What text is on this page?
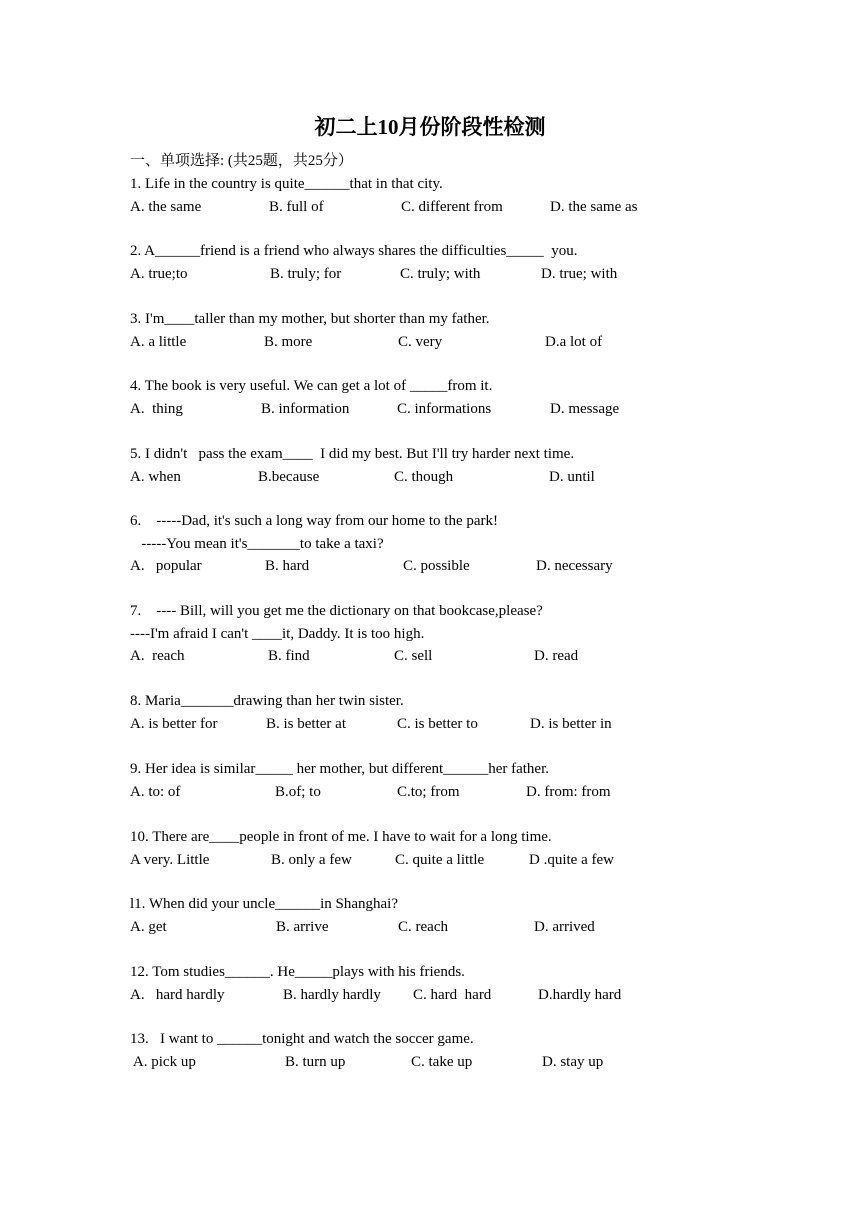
初二上10月份阶段性检测
一、单项选择: (共25题，共25分）
1. Life in the country is quite______that in that city.
A. the same	B. full of	C. different from	D. the same as
2. A______friend is a friend who always shares the difficulties_____  you.
A. true;to	B. truly; for	C. truly; with	D. true; with
3. I'm____taller than my mother, but shorter than my father.
A. a little	B. more	C. very	D.a lot of
4. The book is very useful. We can get a lot of _____from it.
A.  thing	B. information	C. informations	D. message
5. I didn't   pass the exam____  I did my best. But I'll try harder next time.
A. when	B.because	C. though	D. until
6.    -----Dad, it's such a long way from our home to the park!
-----You mean it's_______to take a taxi?
A.   popular	B. hard	C. possible	D. necessary
7.    ---- Bill, will you get me the dictionary on that bookcase,please?
----I'm afraid I can't ____it, Daddy. It is too high.
A.  reach	B. find	C. sell	D. read
8. Maria_______drawing than her twin sister.
A. is better for	B. is better at	C. is better to	D. is better in
9. Her idea is similar_____ her mother, but different______her father.
A. to: of	B.of; to	C.to; from	D. from: from
10. There are____people in front of me. I have to wait for a long time.
A very. Little	B. only a few	C. quite a little	D .quite a few
l1. When did your uncle______in Shanghai?
A. get	B. arrive	C. reach	D. arrived
12. Tom studies______. He_____plays with his friends.
A.   hard hardly	B. hardly hardly C. hard  hard	D.hardly hard
13.   I want to ______tonight and watch the soccer game.
A. pick up	B. turn up	C. take up	D. stay up
